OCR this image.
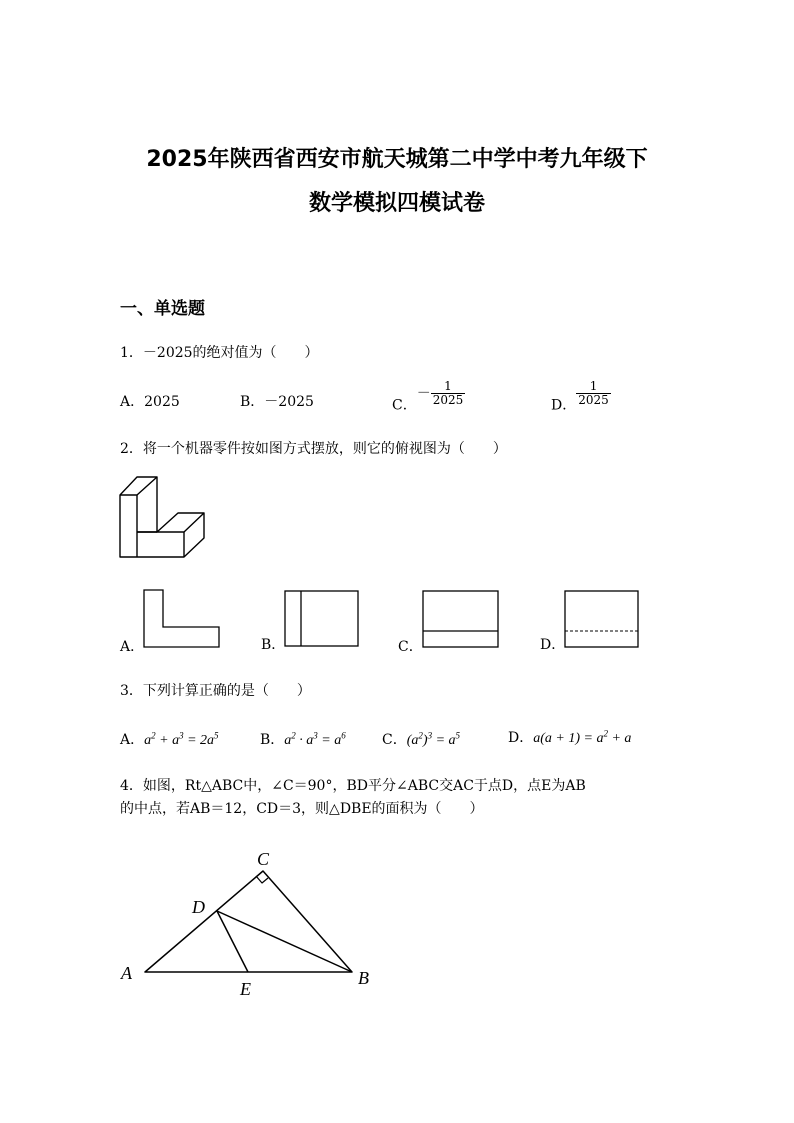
2025年陕西省西安市航天城第二中学中考九年级下
数学模拟四模试卷
一、单选题
1．－2025的绝对值为（　　）
A．2025	B．－2025	C．－ $\frac{1}{2025}$	D． $\frac{1}{2025}$
2．将一个机器零件按如图方式摆放，则它的俯视图为（　　）
A．	B．	C．	D．
3．下列计算正确的是（　　）
A．$a^2 + a^3 = 2a^5$	B．$a^2 \cdot a^3 = a^6$	C．$(a^2)^3 = a^5$	D．$a(a + 1) = a^2 + a$
4．如图，Rt△ABC中，∠C＝90°，BD平分∠ABC交AC于点D，点E为AB
的中点，若AB＝12，CD＝3，则△DBE的面积为（　　）
A	B
C
D
E
